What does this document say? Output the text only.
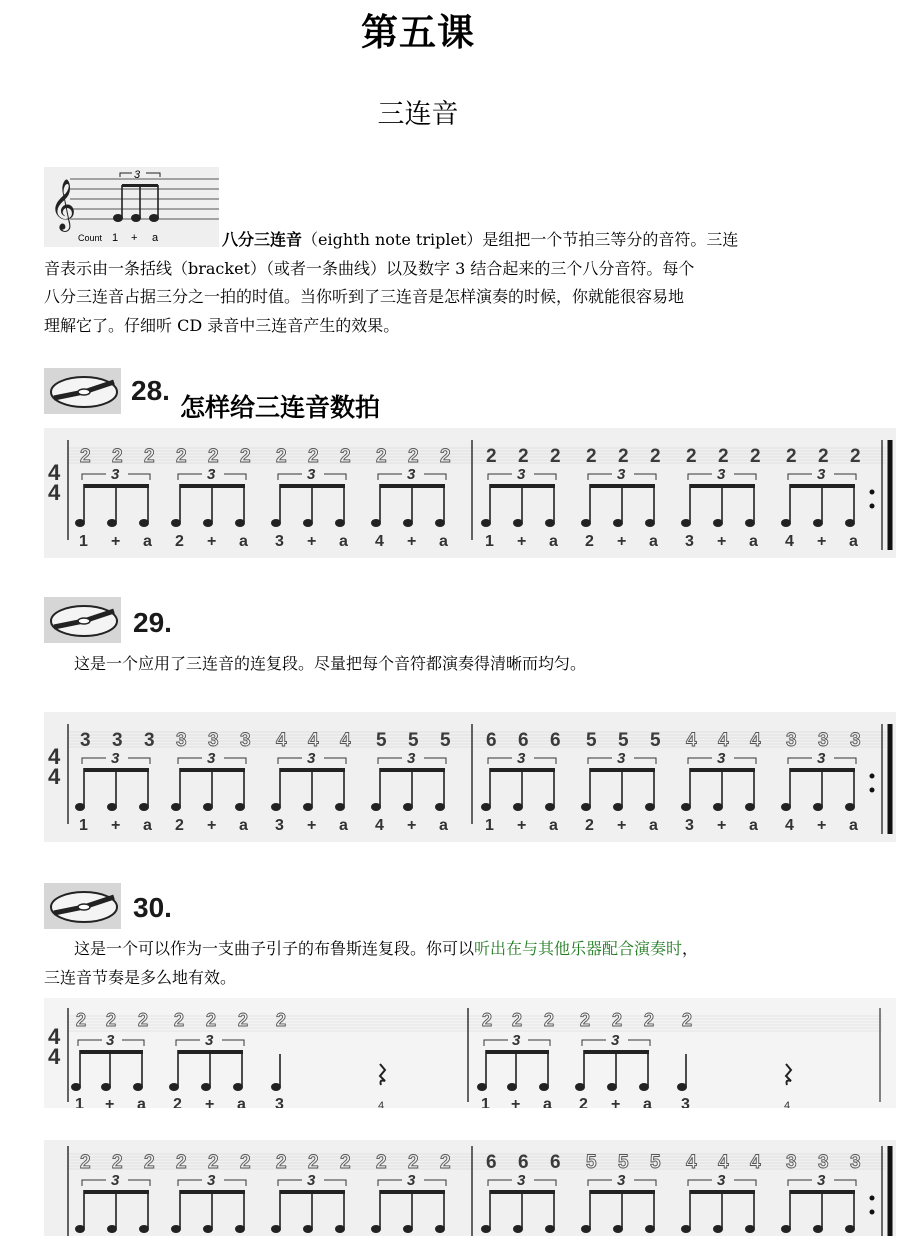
第五课
三连音
𝄞
3
Count 1 + a	八分三连音（eighth note triplet）是组把一个节拍三等分的音符。三连
音表示由一条括线（bracket）（或者一条曲线）以及数字 3 结合起来的三个八分音符。每个
八分三连音占据三分之一拍的时值。当你听到了三连音是怎样演奏的时候，你就能很容易地
理解它了。仔细听 CD 录音中三连音产生的效果。
28.
怎样给三连音数拍
4
4
3	3	3	3	3	3	3	3
2
1
2
+
2
a
2
2
2
+
2
a
2
3
2
+
2
a
2
4
2
+
2
a
2
1
2
+
2
a
2
2
2
+
2
a
2
3
2
+
2
a
2
4
2
+
2
a
29.
这是一个应用了三连音的连复段。尽量把每个音符都演奏得清晰而均匀。
4
4
3	3	3	3	3	3	3	3
3
1
3
+
3
a
3
2
3
+
3
a
4
3
4
+
4
a
5
4
5
+
5
a
6
1
6
+
6
a
5
2
5
+
5
a
4
3
4
+
4
a
3
4
3
+
3
a
30.
这是一个可以作为一支曲子引子的布鲁斯连复段。你可以听出在与其他乐器配合演奏时，
三连音节奏是多么地有效。
4
4
3
2
1
2
+
2
a
3
2
2
2
+
2
a
2
3	4
3
2
1
2
+
2
a
3
2
2
2
+
2
a
2
3	4
3	3	3	3	3	3	3	3
2 2 2 2 2 2 2 2 2 2 2 2 6 6 6 5 5 5 4 4 4 3 3 3
